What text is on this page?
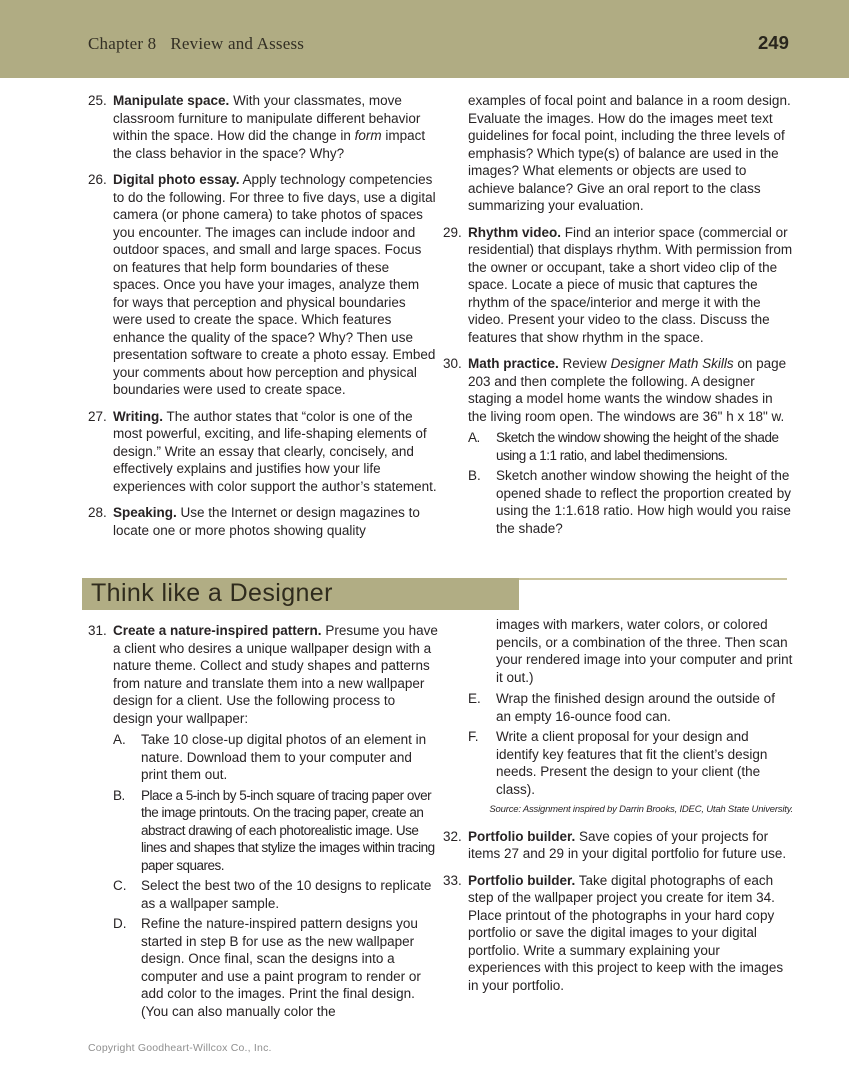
Chapter 8 Review and Assess	249
25. Manipulate space. With your classmates, move classroom furniture to manipulate different behavior within the space. How did the change in form impact the class behavior in the space? Why?
26. Digital photo essay. Apply technology competencies to do the following. For three to five days, use a digital camera (or phone camera) to take photos of spaces you encounter. The images can include indoor and outdoor spaces, and small and large spaces. Focus on features that help form boundaries of these spaces. Once you have your images, analyze them for ways that perception and physical boundaries were used to create the space. Which features enhance the quality of the space? Why? Then use presentation software to create a photo essay. Embed your comments about how perception and physical boundaries were used to create space.
27. Writing. The author states that “color is one of the most powerful, exciting, and life-shaping elements of design.” Write an essay that clearly, concisely, and effectively explains and justifies how your life experiences with color support the author’s statement.
28. Speaking. Use the Internet or design magazines to locate one or more photos showing quality
examples of focal point and balance in a room design. Evaluate the images. How do the images meet text guidelines for focal point, including the three levels of emphasis? Which type(s) of balance are used in the images? What elements or objects are used to achieve balance? Give an oral report to the class summarizing your evaluation.
29. Rhythm video. Find an interior space (commercial or residential) that displays rhythm. With permission from the owner or occupant, take a short video clip of the space. Locate a piece of music that captures the rhythm of the space/interior and merge it with the video. Present your video to the class. Discuss the features that show rhythm in the space.
30. Math practice. Review Designer Math Skills on page 203 and then complete the following. A designer staging a model home wants the window shades in the living room open. The windows are 36" h x 18" w.
A. Sketch the window showing the height of the shade using a 1:1 ratio, and label thedimensions.
B. Sketch another window showing the height of the opened shade to reflect the proportion created by using the 1:1.618 ratio. How high would you raise the shade?
Think like a Designer
31. Create a nature-inspired pattern. Presume you have a client who desires a unique wallpaper design with a nature theme. Collect and study shapes and patterns from nature and translate them into a new wallpaper design for a client. Use the following process to design your wallpaper:
A. Take 10 close-up digital photos of an element in nature. Download them to your computer and print them out.
B. Place a 5-inch by 5-inch square of tracing paper over the image printouts. On the tracing paper, create an abstract drawing of each photorealistic image. Use lines and shapes that stylize the images within tracing paper squares.
C. Select the best two of the 10 designs to replicate as a wallpaper sample.
D. Refine the nature-inspired pattern designs you started in step B for use as the new wallpaper design. Once final, scan the designs into a computer and use a paint program to render or add color to the images. Print the final design. (You can also manually color the
images with markers, water colors, or colored pencils, or a combination of the three. Then scan your rendered image into your computer and print it out.)
E. Wrap the finished design around the outside of an empty 16-ounce food can.
F. Write a client proposal for your design and identify key features that fit the client’s design needs. Present the design to your client (the class).
Source: Assignment inspired by Darrin Brooks, IDEC, Utah State University.
32. Portfolio builder. Save copies of your projects for items 27 and 29 in your digital portfolio for future use.
33. Portfolio builder. Take digital photographs of each step of the wallpaper project you create for item 34. Place printout of the photographs in your hard copy portfolio or save the digital images to your digital portfolio. Write a summary explaining your experiences with this project to keep with the images in your portfolio.
Copyright Goodheart-Willcox Co., Inc.
